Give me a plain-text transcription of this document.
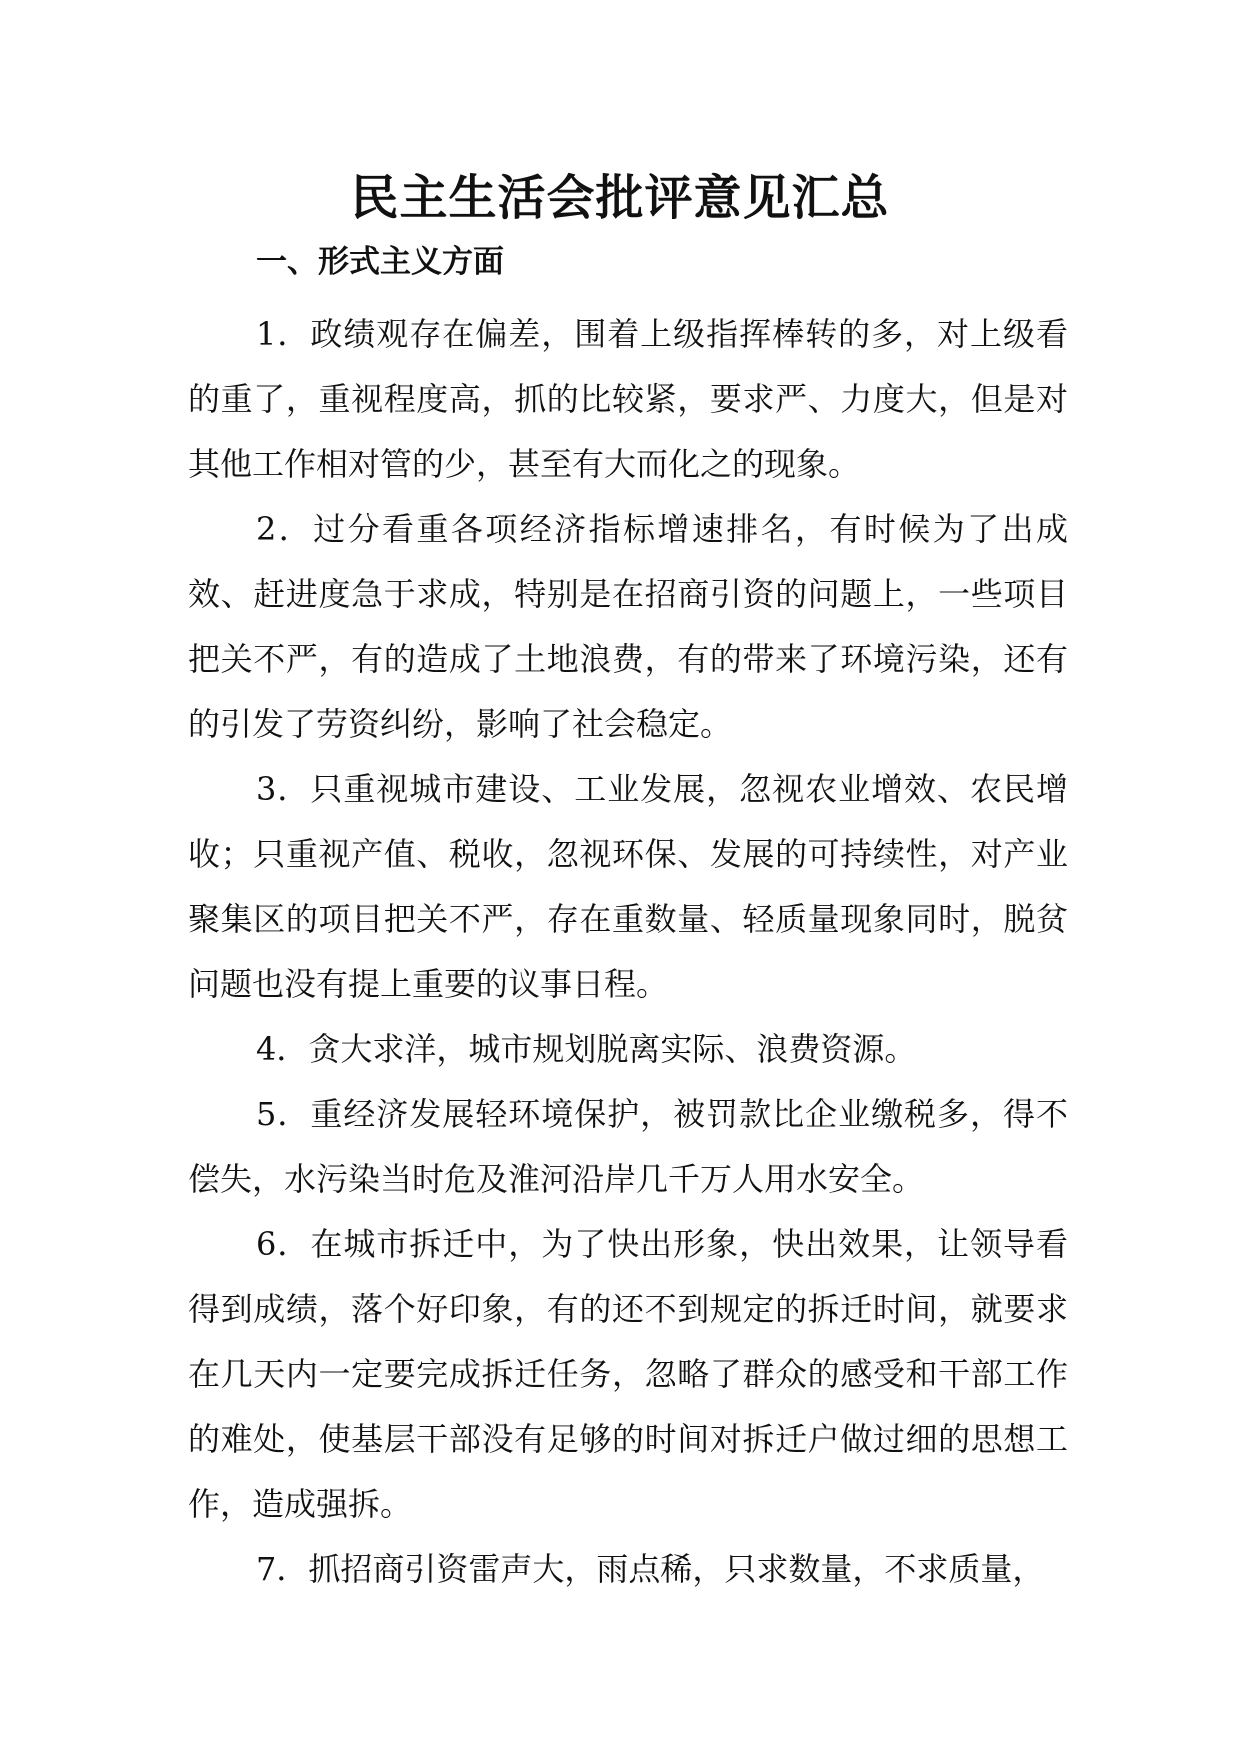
民主生活会批评意见汇总
一、形式主义方面

1．政绩观存在偏差，围着上级指挥棒转的多，对上级看的重了，重视程度高，抓的比较紧，要求严、力度大，但是对其他工作相对管的少，甚至有大而化之的现象。

2．过分看重各项经济指标增速排名，有时候为了出成效、赶进度急于求成，特别是在招商引资的问题上，一些项目把关不严，有的造成了土地浪费，有的带来了环境污染，还有的引发了劳资纠纷，影响了社会稳定。

3．只重视城市建设、工业发展，忽视农业增效、农民增收；只重视产值、税收，忽视环保、发展的可持续性，对产业聚集区的项目把关不严，存在重数量、轻质量现象同时，脱贫问题也没有提上重要的议事日程。

4．贪大求洋，城市规划脱离实际、浪费资源。

5．重经济发展轻环境保护，被罚款比企业缴税多，得不偿失，水污染当时危及淮河沿岸几千万人用水安全。

6．在城市拆迁中，为了快出形象，快出效果，让领导看得到成绩，落个好印象，有的还不到规定的拆迁时间，就要求在几天内一定要完成拆迁任务，忽略了群众的感受和干部工作的难处，使基层干部没有足够的时间对拆迁户做过细的思想工作，造成强拆。

7．抓招商引资雷声大，雨点稀，只求数量，不求质量，
